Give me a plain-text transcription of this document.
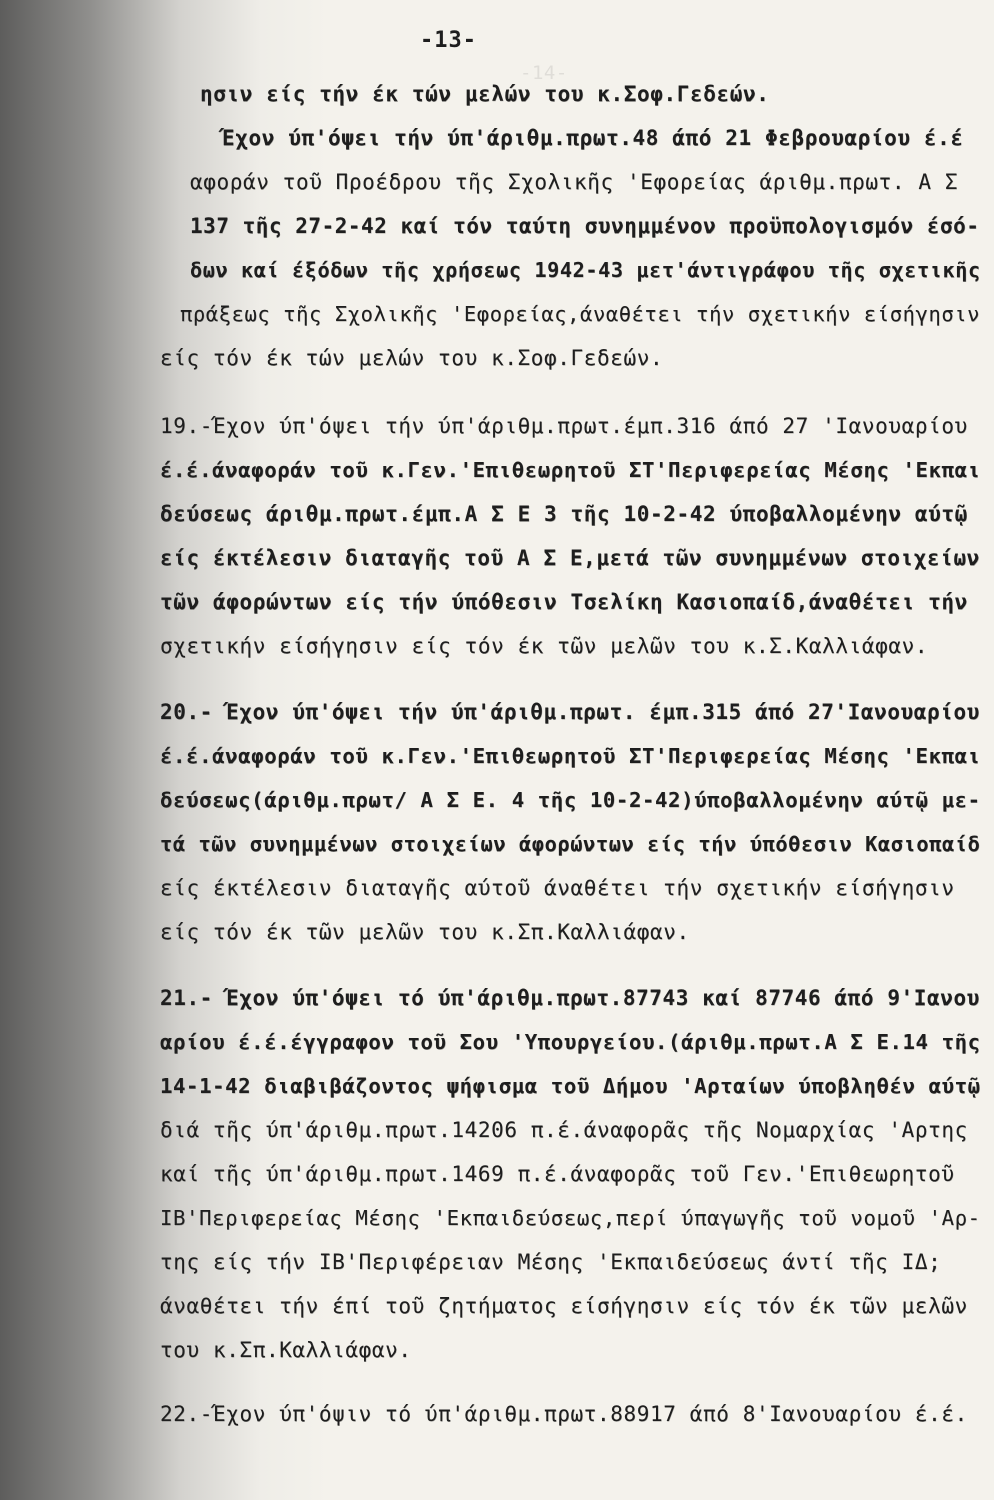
-14-
-13-
ησιν είς τήν έκ τών μελών του κ.Σοφ.Γεδεών.
Έχον ύπ'όψει τήν ύπ'άριθμ.πρωτ.48 άπό 21 Φεβρουαρίου έ.έ
αφοράν τοῦ Προέδρου τῆς Σχολικῆς 'Εφορείας άριθμ.πρωτ. Α Σ
137 τῆς 27-2-42 καί τόν ταύτη συνημμένον προϋπολογισμόν έσό-
δων καί έξόδων τῆς χρήσεως 1942-43 μετ'άντιγράφου τῆς σχετικῆς
πράξεως τῆς Σχολικῆς 'Εφορείας,άναθέτει τήν σχετικήν είσήγησιν
είς τόν έκ τών μελών του κ.Σοφ.Γεδεών.
19.-Έχον ύπ'όψει τήν ύπ'άριθμ.πρωτ.έμπ.316 άπό 27 'Ιανουαρίου
έ.έ.άναφοράν τοῦ κ.Γεν.'Επιθεωρητοῦ ΣΤ'Περιφερείας Μέσης 'Εκπαι
δεύσεως άριθμ.πρωτ.έμπ.Α Σ Ε 3 τῆς 10-2-42 ύποβαλλομένην αύτῷ
είς έκτέλεσιν διαταγῆς τοῦ Α Σ Ε,μετά τῶν συνημμένων στοιχείων
τῶν άφορώντων είς τήν ύπόθεσιν Τσελίκη Κασιοπαίδ,άναθέτει τήν
σχετικήν είσήγησιν είς τόν έκ τῶν μελῶν του κ.Σ.Καλλιάφαν.
20.- Έχον ύπ'όψει τήν ύπ'άριθμ.πρωτ. έμπ.315 άπό 27'Ιανουαρίου
έ.έ.άναφοράν τοῦ κ.Γεν.'Επιθεωρητοῦ ΣΤ'Περιφερείας Μέσης 'Εκπαι
δεύσεως(άριθμ.πρωτ/ Α Σ Ε. 4 τῆς 10-2-42)ύποβαλλομένην αύτῷ με-
τά τῶν συνημμένων στοιχείων άφορώντων είς τήν ύπόθεσιν Κασιοπαίδ
είς έκτέλεσιν διαταγῆς αύτοῦ άναθέτει τήν σχετικήν είσήγησιν
είς τόν έκ τῶν μελῶν του κ.Σπ.Καλλιάφαν.
21.- Έχον ύπ'όψει τό ύπ'άριθμ.πρωτ.87743 καί 87746 άπό 9'Ιανου
αρίου έ.έ.έγγραφον τοῦ Σου 'Υπουργείου.(άριθμ.πρωτ.Α Σ Ε.14 τῆς
14-1-42 διαβιβάζοντος ψήφισμα τοῦ Δήμου 'Αρταίων ύποβληθέν αύτῷ
διά τῆς ύπ'άριθμ.πρωτ.14206 π.έ.άναφορᾶς τῆς Νομαρχίας 'Αρτης
καί τῆς ύπ'άριθμ.πρωτ.1469 π.έ.άναφορᾶς τοῦ Γεν.'Επιθεωρητοῦ
ΙΒ'Περιφερείας Μέσης 'Εκπαιδεύσεως,περί ύπαγωγῆς τοῦ νομοῦ 'Αρ-
της είς τήν ΙΒ'Περιφέρειαν Μέσης 'Εκπαιδεύσεως άντί τῆς ΙΔ;
άναθέτει τήν έπί τοῦ ζητήματος είσήγησιν είς τόν έκ τῶν μελῶν
του κ.Σπ.Καλλιάφαν.
22.-Έχον ύπ'όψιν τό ύπ'άριθμ.πρωτ.88917 άπό 8'Ιανουαρίου έ.έ.
